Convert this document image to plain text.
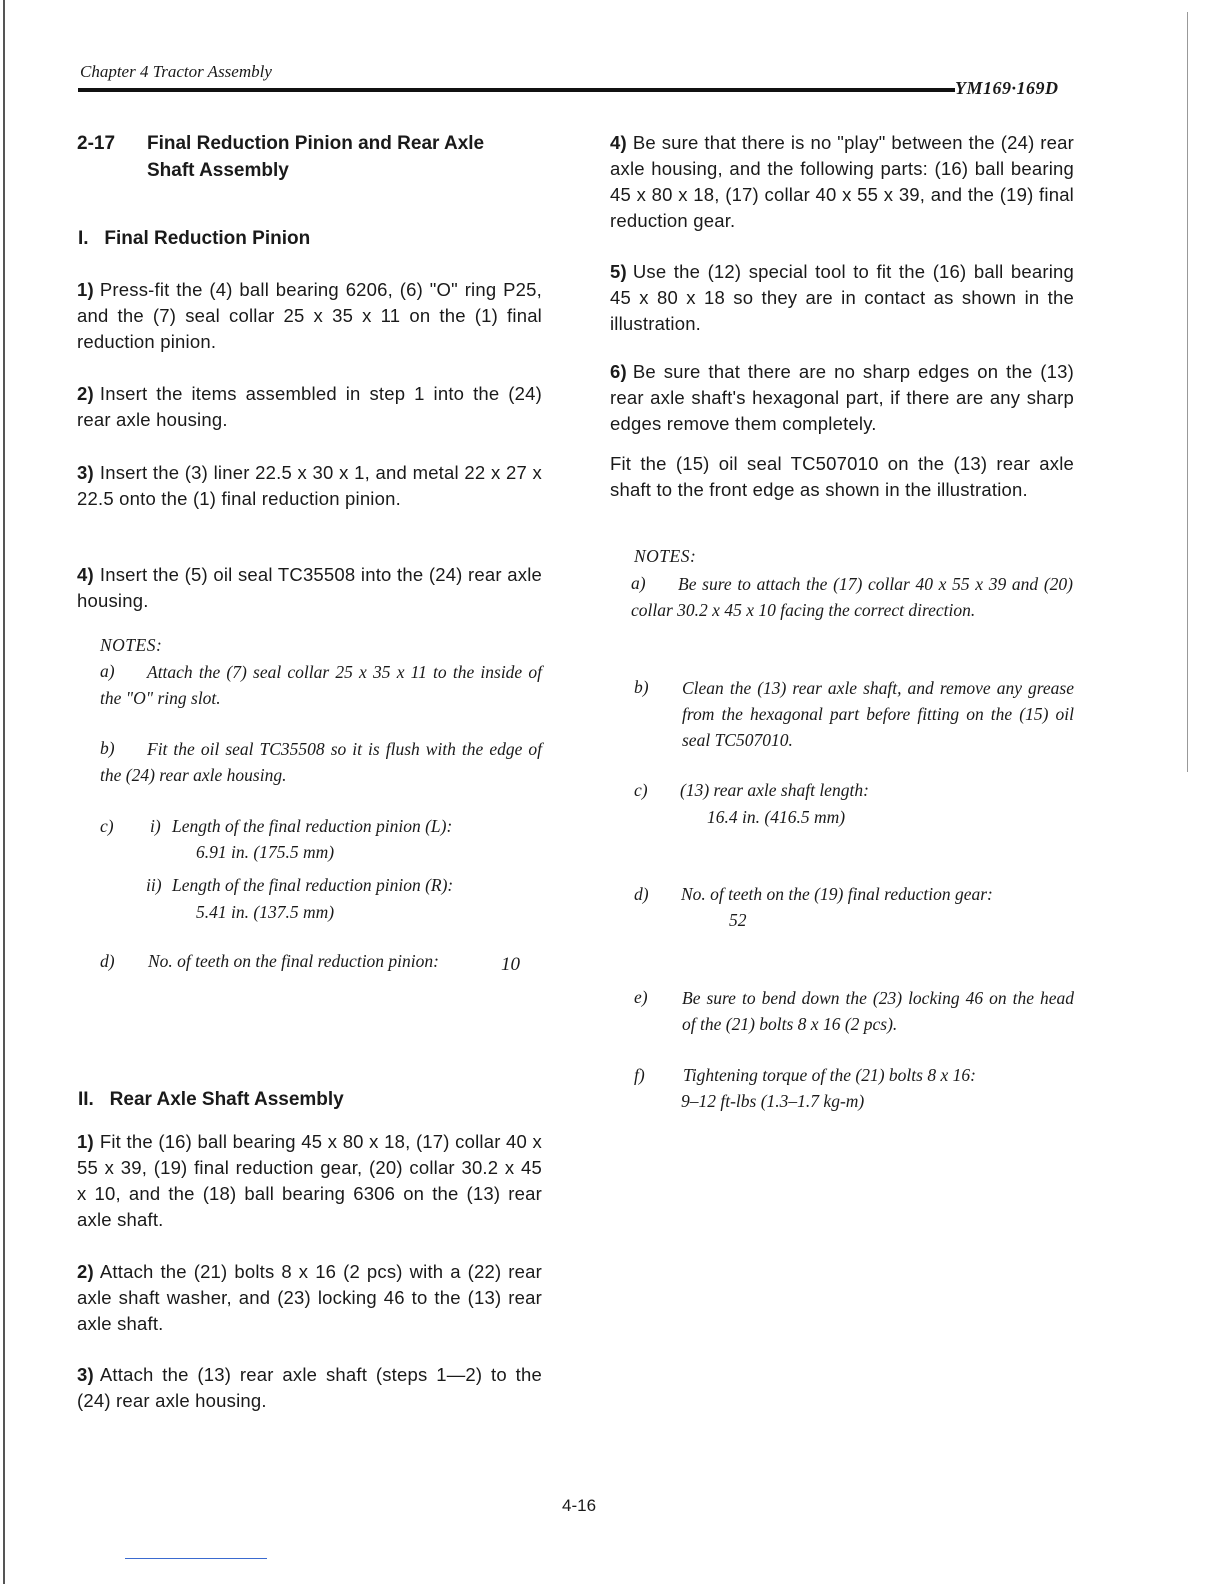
Chapter 4 Tractor Assembly
YM169·169D
2-17 Final Reduction Pinion and Rear Axle
Shaft Assembly
I.   Final Reduction Pinion
1) Press-fit the (4) ball bearing 6206, (6) "O" ring P25, and the (7) seal collar 25 x 35 x 11 on the (1) final reduction pinion.
2) Insert the items assembled in step 1 into the (24) rear axle housing.
3) Insert the (3) liner 22.5 x 30 x 1, and metal 22 x 27 x 22.5 onto the (1) final reduction pinion.
4) Insert the (5) oil seal TC35508 into the (24) rear axle housing.
NOTES:
a)	Attach the (7) seal collar 25 x 35 x 11 to the inside of the "O" ring slot.
b)	Fit the oil seal TC35508 so it is flush with the edge of the (24) rear axle housing.
c) i) Length of the final reduction pinion (L):
6.91 in. (175.5 mm)
ii) Length of the final reduction pinion (R):
5.41 in. (137.5 mm)
d) No. of teeth on the final reduction pinion:	10
II.   Rear Axle Shaft Assembly
1) Fit the (16) ball bearing 45 x 80 x 18, (17) collar 40 x 55 x 39, (19) final reduction gear, (20) collar 30.2 x 45 x 10, and the (18) ball bearing 6306 on the (13) rear axle shaft.
2) Attach the (21) bolts 8 x 16 (2 pcs) with a (22) rear axle shaft washer, and (23) locking 46 to the (13) rear axle shaft.
3) Attach the (13) rear axle shaft (steps 1—2) to the (24) rear axle housing.
4) Be sure that there is no "play" between the (24) rear axle housing, and the following parts: (16) ball bearing 45 x 80 x 18, (17) collar 40 x 55 x 39, and the (19) final reduction gear.
5) Use the (12) special tool to fit the (16) ball bearing 45 x 80 x 18 so they are in contact as shown in the illustration.
6) Be sure that there are no sharp edges on the (13) rear axle shaft's hexagonal part, if there are any sharp edges remove them completely.
Fit the (15) oil seal TC507010 on the (13) rear axle shaft to the front edge as shown in the illustration.
NOTES:
a)	Be sure to attach the (17) collar 40 x 55 x 39 and (20) collar 30.2 x 45 x 10 facing the correct direction.
b) Clean the (13) rear axle shaft, and remove any grease from the hexagonal part before fitting on the (15) oil seal TC507010.
c) (13) rear axle shaft length:
16.4 in. (416.5 mm)
d) No. of teeth on the (19) final reduction gear:
52
e) Be sure to bend down the (23) locking 46 on the head of the (21) bolts 8 x 16 (2 pcs).
f) Tightening torque of the (21) bolts 8 x 16:
9–12 ft-lbs (1.3–1.7 kg-m)
4-16
